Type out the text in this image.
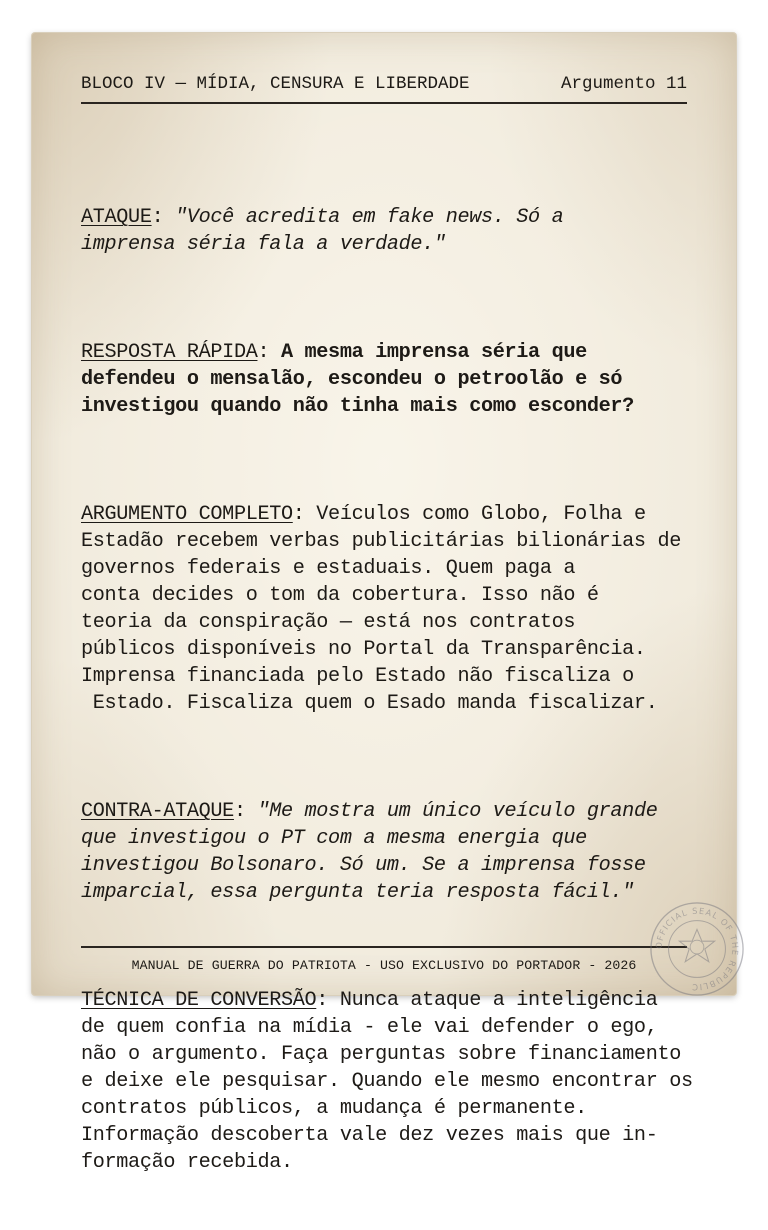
BLOCO IV — MÍDIA, CENSURA E LIBERDADE	Argumento 11

ATAQUE: "Você acredita em fake news. Só a
imprensa séria fala a verdade."

RESPOSTA RÁPIDA: A mesma imprensa séria que
defendeu o mensalão, escondeu o petroolão e só
investigou quando não tinha mais como esconder?

ARGUMENTO COMPLETO: Veículos como Globo, Folha e
Estadão recebem verbas publicitárias bilionárias de
governos federais e estaduais. Quem paga a
conta decides o tom da cobertura. Isso não é
teoria da conspiração — está nos contratos
públicos disponíveis no Portal da Transparência.
Imprensa financiada pelo Estado não fiscaliza o
Estado. Fiscaliza quem o Esado manda fiscalizar.

CONTRA-ATAQUE: "Me mostra um único veículo grande
que investigou o PT com a mesma energia que
investigou Bolsonaro. Só um. Se a imprensa fosse
imparcial, essa pergunta teria resposta fácil."

TÉCNICA DE CONVERSÃO: Nunca ataque a inteligência
de quem confia na mídia - ele vai defender o ego,
não o argumento. Faça perguntas sobre financiamento
e deixe ele pesquisar. Quando ele mesmo encontrar os
contratos públicos, a mudança é permanente.
Informação descoberta vale dez vezes mais que in-
formação recebida.

MANUAL DE GUERRA DO PATRIOTA - USO EXCLUSIVO DO PORTADOR - 2026
OFFICIAL SEAL OF THE REPUBLIC
